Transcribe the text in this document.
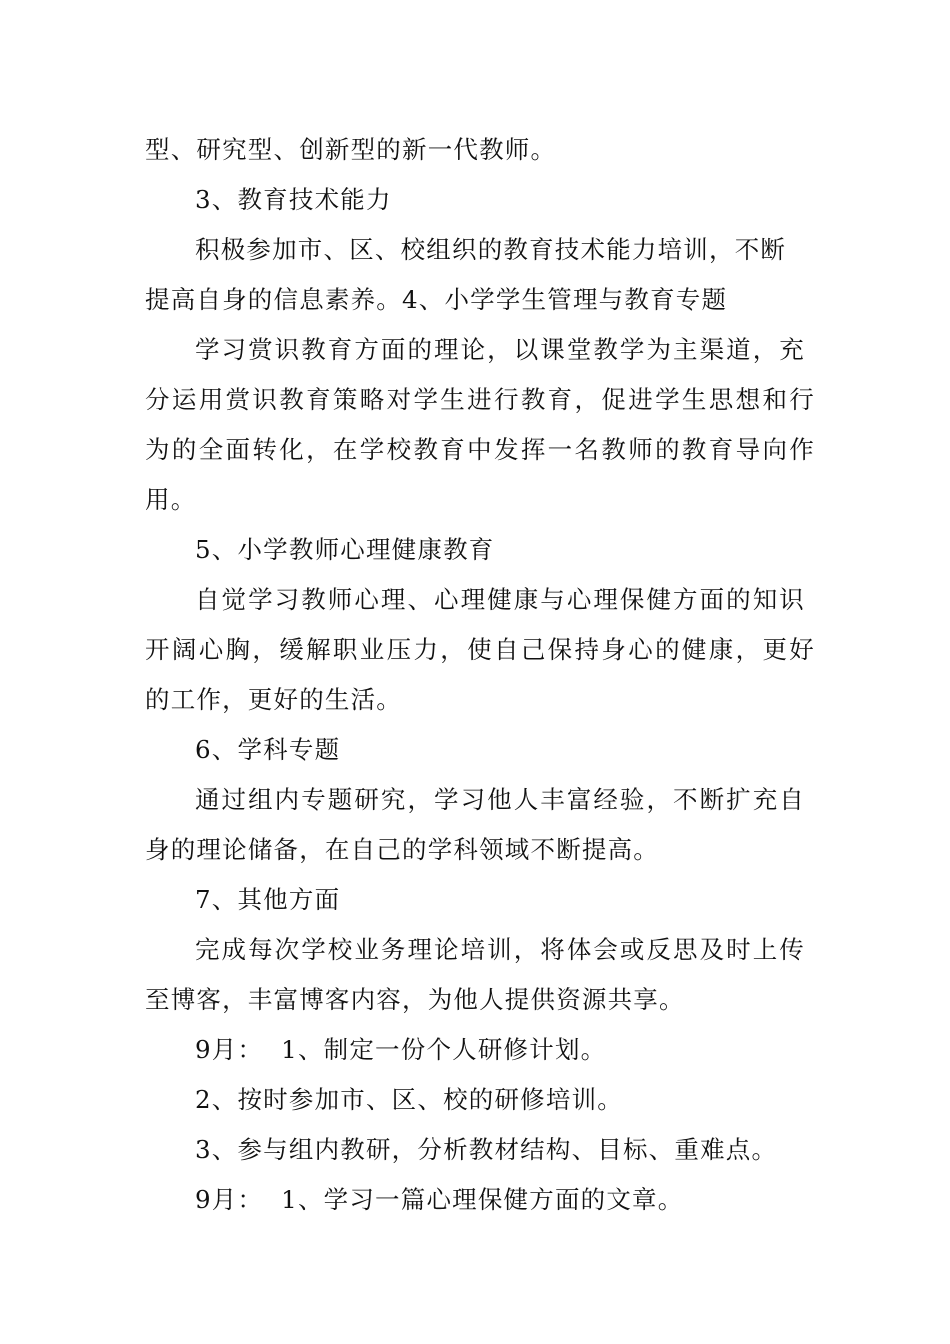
型、研究型、创新型的新一代教师。
3、教育技术能力
积极参加市、区、校组织的教育技术能力培训，不断
提高自身的信息素养。4、小学学生管理与教育专题
学习赏识教育方面的理论，以课堂教学为主渠道，充
分运用赏识教育策略对学生进行教育，促进学生思想和行
为的全面转化，在学校教育中发挥一名教师的教育导向作
用。
5、小学教师心理健康教育
自觉学习教师心理、心理健康与心理保健方面的知识
开阔心胸，缓解职业压力，使自己保持身心的健康，更好
的工作，更好的生活。
6、学科专题
通过组内专题研究，学习他人丰富经验，不断扩充自
身的理论储备，在自己的学科领域不断提高。
7、其他方面
完成每次学校业务理论培训，将体会或反思及时上传
至博客，丰富博客内容，为他人提供资源共享。
9月：  1、制定一份个人研修计划。
2、按时参加市、区、校的研修培训。
3、参与组内教研，分析教材结构、目标、重难点。
9月：  1、学习一篇心理保健方面的文章。
